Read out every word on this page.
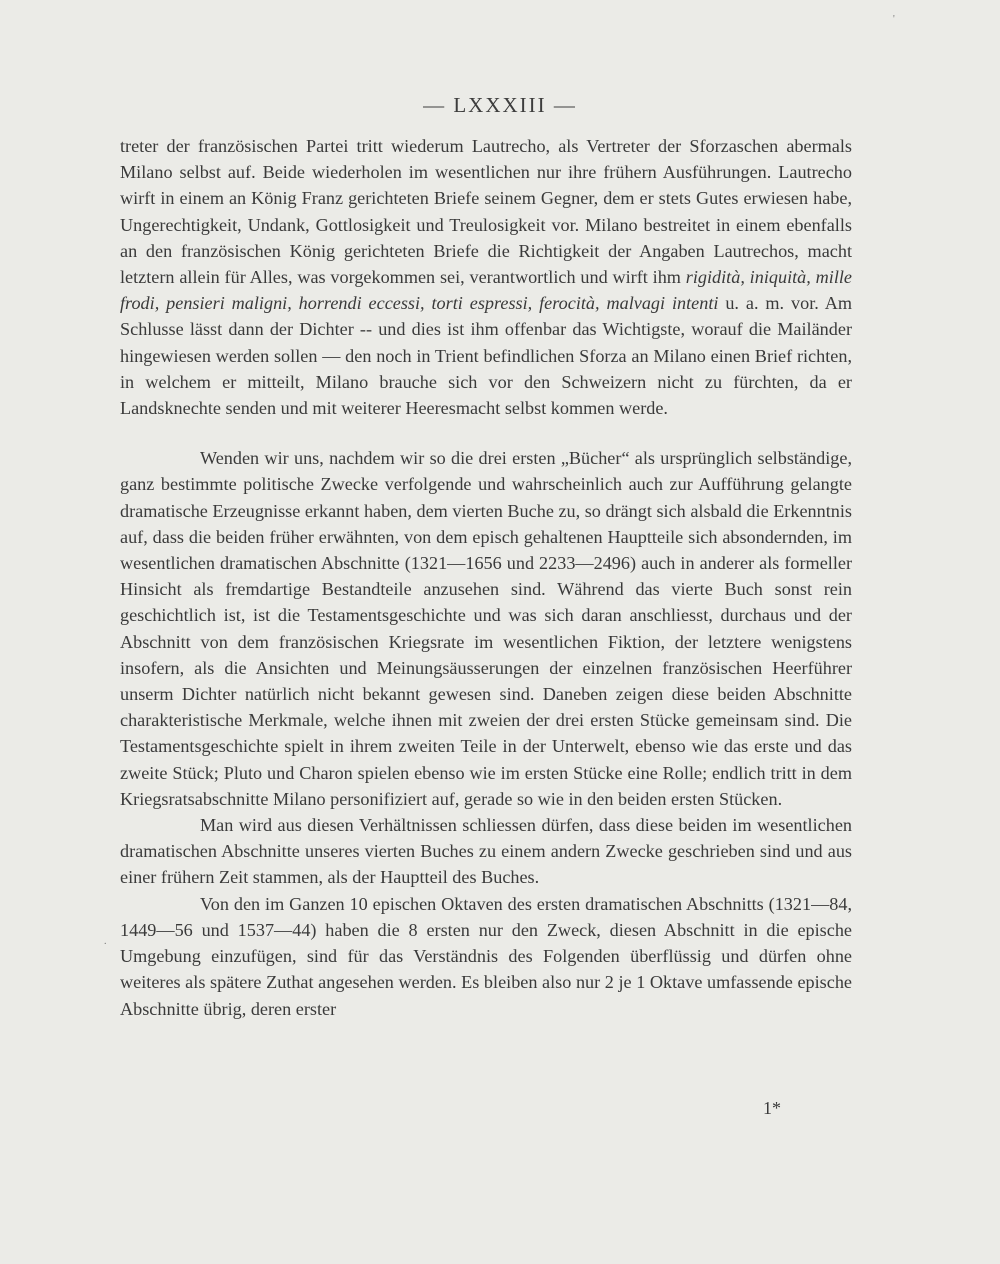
— LXXXIII —

treter der französischen Partei tritt wiederum Lautrecho, als Vertreter der Sforzaschen abermals Milano selbst auf. Beide wiederholen im wesentlichen nur ihre frühern Ausführungen. Lautrecho wirft in einem an König Franz gerichteten Briefe seinem Gegner, dem er stets Gutes erwiesen habe, Ungerechtigkeit, Undank, Gottlosigkeit und Treulosigkeit vor. Milano bestreitet in einem ebenfalls an den französischen König gerichteten Briefe die Richtigkeit der Angaben Lautrechos, macht letztern allein für Alles, was vorgekommen sei, verantwortlich und wirft ihm rigidità, iniquità, mille frodi, pensieri maligni, horrendi eccessi, torti espressi, ferocità, malvagi intenti u. a. m. vor. Am Schlusse lässt dann der Dichter -- und dies ist ihm offenbar das Wichtigste, worauf die Mailänder hingewiesen werden sollen — den noch in Trient befindlichen Sforza an Milano einen Brief richten, in welchem er mitteilt, Milano brauche sich vor den Schweizern nicht zu fürchten, da er Landsknechte senden und mit weiterer Heeresmacht selbst kommen werde.

Wenden wir uns, nachdem wir so die drei ersten „Bücher“ als ursprünglich selbständige, ganz bestimmte politische Zwecke verfolgende und wahrscheinlich auch zur Aufführung gelangte dramatische Erzeugnisse erkannt haben, dem vierten Buche zu, so drängt sich alsbald die Erkenntnis auf, dass die beiden früher erwähnten, von dem episch gehaltenen Hauptteile sich absondernden, im wesentlichen dramatischen Abschnitte (1321—1656 und 2233—2496) auch in anderer als formeller Hinsicht als fremdartige Bestandteile anzusehen sind. Während das vierte Buch sonst rein geschichtlich ist, ist die Testamentsgeschichte und was sich daran anschliesst, durchaus und der Abschnitt von dem französischen Kriegsrate im wesentlichen Fiktion, der letztere wenigstens insofern, als die Ansichten und Meinungsäusserungen der einzelnen französischen Heerführer unserm Dichter natürlich nicht bekannt gewesen sind. Daneben zeigen diese beiden Abschnitte charakteristische Merkmale, welche ihnen mit zweien der drei ersten Stücke gemeinsam sind. Die Testamentsgeschichte spielt in ihrem zweiten Teile in der Unterwelt, ebenso wie das erste und das zweite Stück; Pluto und Charon spielen ebenso wie im ersten Stücke eine Rolle; endlich tritt in dem Kriegsratsabschnitte Milano personifiziert auf, gerade so wie in den beiden ersten Stücken.

Man wird aus diesen Verhältnissen schliessen dürfen, dass diese beiden im wesentlichen dramatischen Abschnitte unseres vierten Buches zu einem andern Zwecke geschrieben sind und aus einer frühern Zeit stammen, als der Hauptteil des Buches.

Von den im Ganzen 10 epischen Oktaven des ersten dramatischen Abschnitts (1321—84, 1449—56 und 1537—44) haben die 8 ersten nur den Zweck, diesen Abschnitt in die epische Umgebung einzufügen, sind für das Verständnis des Folgenden überflüssig und dürfen ohne weiteres als spätere Zuthat angesehen werden. Es bleiben also nur 2 je 1 Oktave umfassende epische Abschnitte übrig, deren erster

1*
'
.
